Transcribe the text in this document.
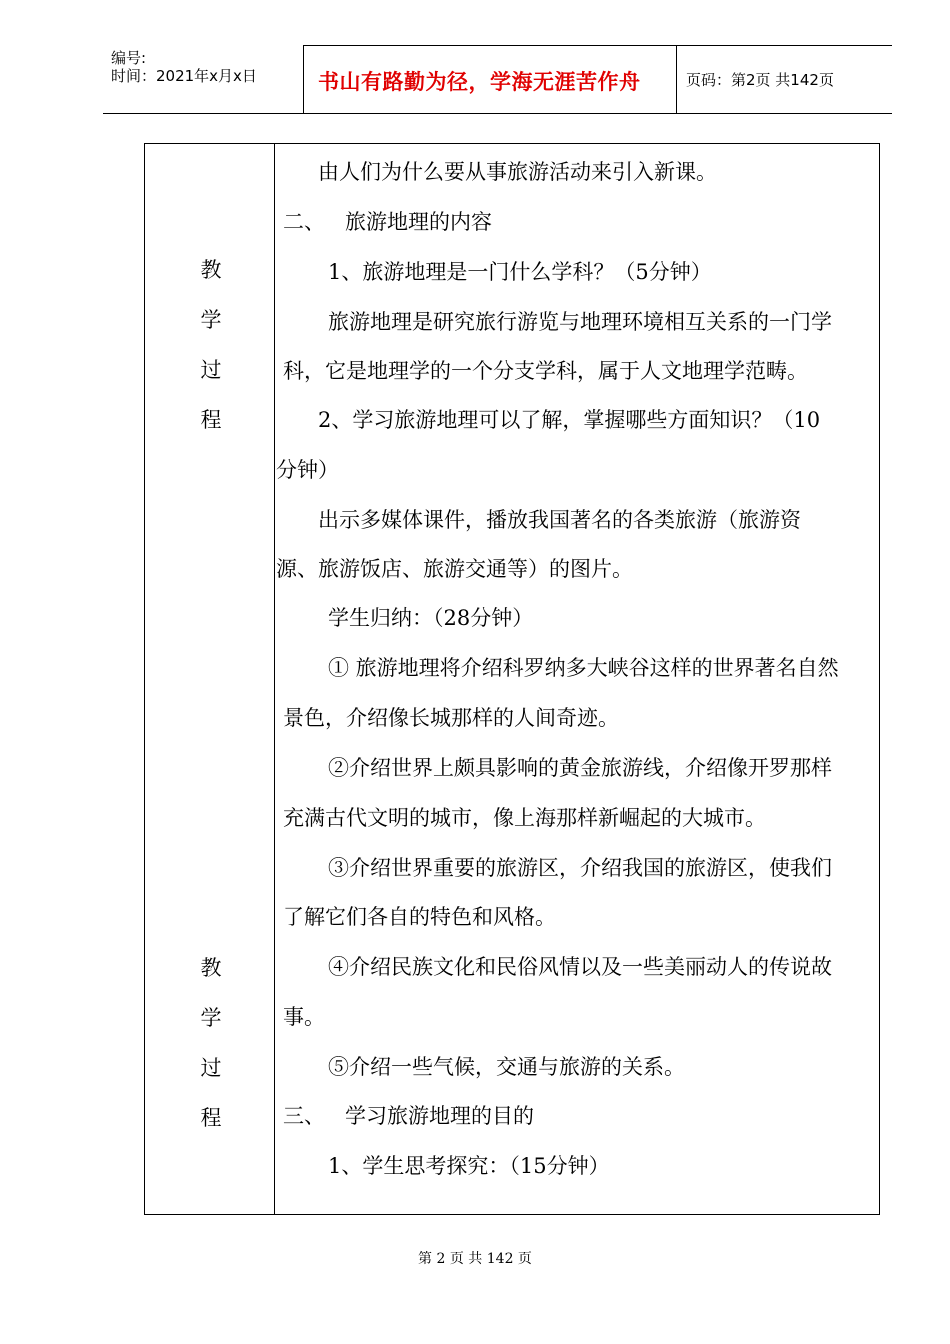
编号:
时间：2021年x月x日	书山有路勤为径，学海无涯苦作舟	页码：第2页 共142页
教
学
过
程
教
学
过
程
由人们为什么要从事旅游活动来引入新课。
二、   旅游地理的内容
1、旅游地理是一门什么学科？（5分钟）
旅游地理是研究旅行游览与地理环境相互关系的一门学
科，它是地理学的一个分支学科，属于人文地理学范畴。
2、学习旅游地理可以了解，掌握哪些方面知识？（10
分钟）
出示多媒体课件，播放我国著名的各类旅游（旅游资
源、旅游饭店、旅游交通等）的图片。
学生归纳：（28分钟）
① 旅游地理将介绍科罗纳多大峡谷这样的世界著名自然
景色，介绍像长城那样的人间奇迹。
②介绍世界上颇具影响的黄金旅游线，介绍像开罗那样
充满古代文明的城市，像上海那样新崛起的大城市。
③介绍世界重要的旅游区，介绍我国的旅游区，使我们
了解它们各自的特色和风格。
④介绍民族文化和民俗风情以及一些美丽动人的传说故
事。
⑤介绍一些气候，交通与旅游的关系。
三、   学习旅游地理的目的
1、学生思考探究：（15分钟）
第 2 页 共 142 页
